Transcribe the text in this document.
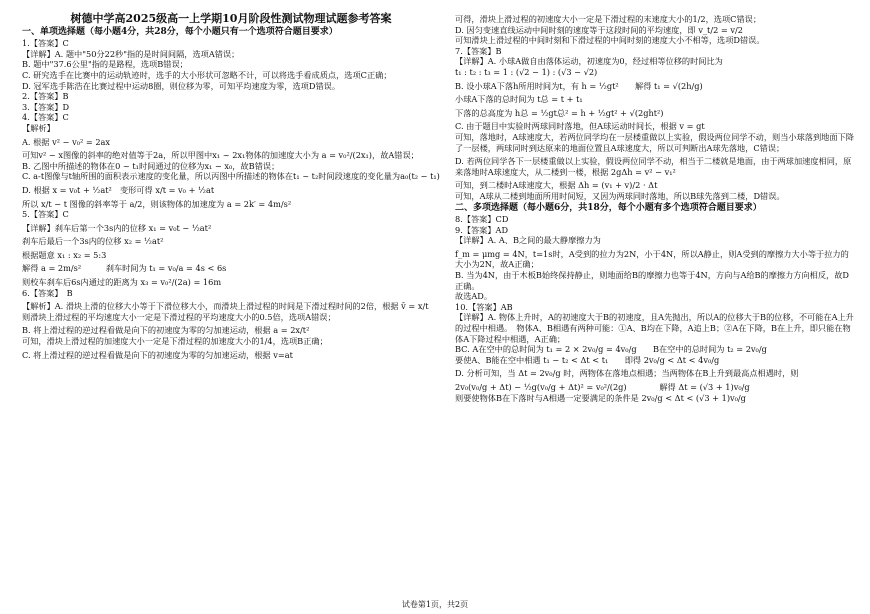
树德中学高2025级高一上学期10月阶段性测试物理试题参考答案

一、单项选择题（每小题4分，共28分，每个小题只有一个选项符合题目要求）

1.【答案】C

【详解】A. 题中"50分22秒"指的是时间间隔，选项A错误；

B. 题中"37.6公里"指的是路程，选项B错误；

C. 研究选手在比赛中的运动轨迹时，选手的大小形状可忽略不计，可以将选手看成质点，选项C正确；

D. 冠军选手陈浩在比赛过程中运动8圈，则位移为零，可知平均速度为零，选项D错误。

2.【答案】B

3.【答案】D

4.【答案】C

【解析】

A. 根据 v² − v₀² = 2ax

可知v² − x图像的斜率的绝对值等于2a，所以甲图中x₁ ~ 2x₁物体的加速度大小为 a = v₀²/(2x₁)，故A错误；

B. 乙图中所描述的物体在0 ~ t₁时间通过的位移为x₁ − x₀，故B错误；

C. a-t图像与t轴所围的面积表示速度的变化量，所以丙图中所描述的物体在t₁ ~ t₂时间段速度的变化量为a₀(t₂ − t₁)

D. 根据 x = v₀t + ½at²　变形可得 x/t = v₀ + ½at

所以 x/t − t 图像的斜率等于 a/2，则该物体的加速度为 a = 2k′ = 4m/s²

5.【答案】C

【详解】刹车后第一个3s内的位移 x₁ = v₀t − ½at²

刹车后最后一个3s内的位移 x₂ = ½at²

根据题意 x₁ : x₂ = 5:3

解得 a = 2m/s²　　　刹车时间为 t₁ = v₀/a = 4s < 6s

则校车刹车后6s内通过的距离为 x₃ = v₀²/(2a) = 16m

6.【答案】　B

【解析】A. 滑块上滑的位移大小等于下滑位移大小，而滑块上滑过程的时间是下滑过程时间的2倍，根据 v̄ = x/t

则滑块上滑过程的平均速度大小一定是下滑过程的平均速度大小的0.5倍，选项A错误；

B. 将上滑过程的逆过程看做是向下的初速度为零的匀加速运动，根据 a = 2x/t²

可知，滑块上滑过程的加速度大小一定是下滑过程的加速度大小的1/4，选项B正确；

C. 将上滑过程的逆过程看做是向下的初速度为零的匀加速运动，根据 v=at

可得，滑块上滑过程的初速度大小一定是下滑过程的末速度大小的1/2，选项C错误；

D. 因匀变速直线运动中间时刻的速度等于这段时间的平均速度，即 v_t/2 = v/2

可知滑块上滑过程的中间时刻和下滑过程的中间时刻的速度大小不相等，选项D错误。

7.【答案】B

【详解】A. 小球A做自由落体运动，初速度为0，经过相等位移的时间比为

t₁ : t₂ : t₃ = 1 : (√2 − 1) : (√3 − √2)

B. 设小球A下落h所用时间为t，有 h = ½gt²　　解得 t₁ = √(2h/g)

小球A下落的总时间为 t总 = t + t₁

下落的总高度为 h总 = ½gt总² = h + ½gt² + √(2ght²)

C. 由于题目中实验时两球同时落地，但A球运动时间长，根据 v = gt

可知，落地时，A球速度大，若两位同学均在一层楼重做以上实验，假设两位同学不动，则当小球落到地面下降了一层楼，两球同时到达原来的地面位置且A球速度大，所以可判断出A球先落地，C错误；

D. 若两位同学各下一层楼重做以上实验，假设两位同学不动，相当于二楼就是地面，由于两球加速度相同，原来落地时A球速度大，从二楼到一楼，根据 2gΔh = v² − v₁²

可知，到二楼时A球速度大，根据 Δh = (v₁ + v)/2 · Δt

可知，A球从二楼到地面所用时间短，又因为两球同时落地，所以B球先落到二楼，D错误。

二、多项选择题（每小题6分，共18分，每个小题有多个选项符合题目要求）

8.【答案】CD

9.【答案】AD

【详解】A. A、B之间的最大静摩擦力为

f_m = μmg = 4N，t=1s时，A受到的拉力为2N，小于4N，所以A静止，则A受到的摩擦力大小等于拉力的大小为2N，故A正确；

B. 当为4N，由于木板B始终保持静止，则地面给B的摩擦力也等于4N，方向与A给B的摩擦力方向相反，故D正确。

故选AD。

10.【答案】AB

【详解】A. 物体上升时，A的初速度大于B的初速度，且A先抛出，所以A的位移大于B的位移，不可能在A上升的过程中相遇。　物体A、B相遇有两种可能：①A、B均在下降，A追上B；②A在下降，B在上升，即只能在物体A下降过程中相遇，A正确；

BC. A在空中的总时间为 t₁ = 2 × 2v₀/g = 4v₀/g　　B在空中的总时间为 t₂ = 2v₀/g

要使A、B能在空中相遇 t₁ − t₂ < Δt < t₁　　即得 2v₀/g < Δt < 4v₀/g

D. 分析可知，当 Δt = 2v₀/g 时，两物体在落地点相遇；当两物体在B上升到最高点相遇时，则

2v₀(v₀/g + Δt) − ½g(v₀/g + Δt)² = v₀²/(2g)　　　　解得 Δt = (√3 + 1)v₀/g

则要使物体B在下落时与A相遇一定要满足的条件是 2v₀/g < Δt < (√3 + 1)v₀/g

试卷第1页，共2页
